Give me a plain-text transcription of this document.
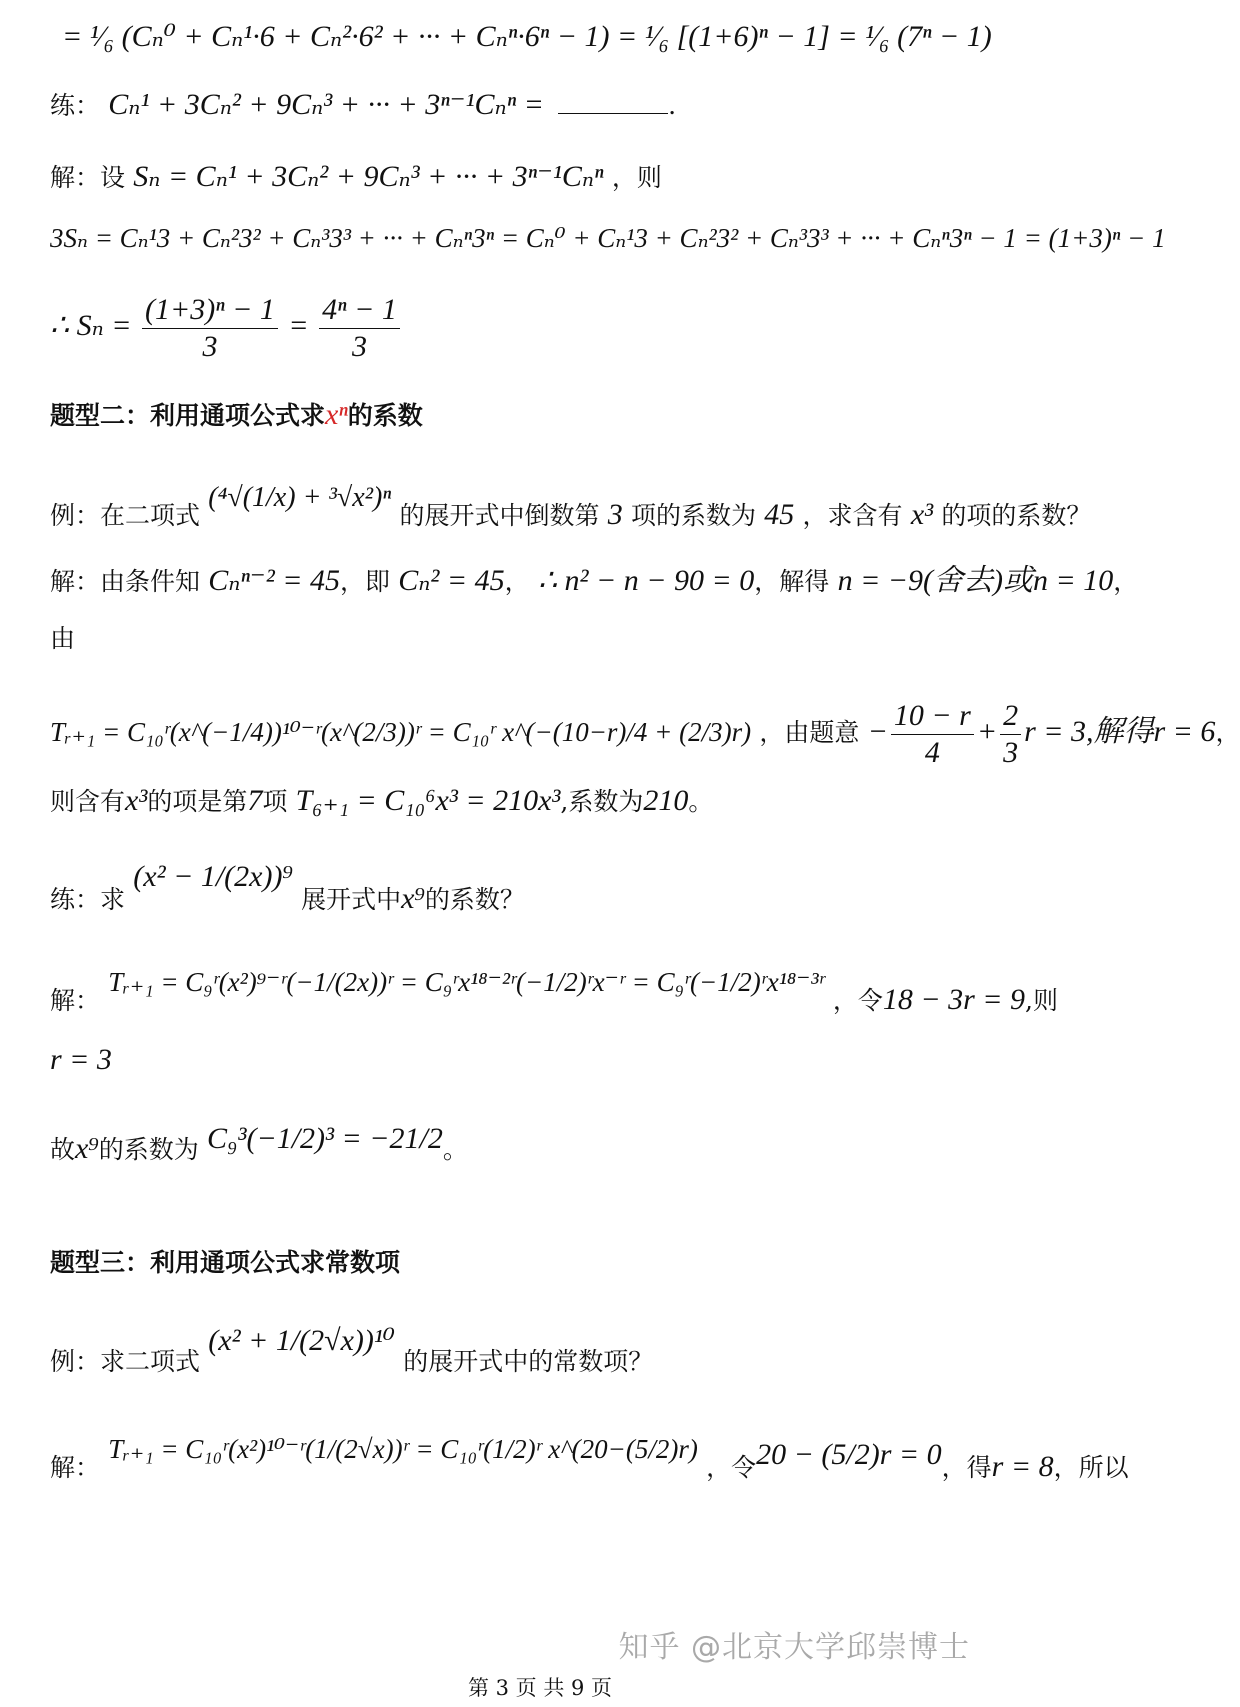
= ¹⁄₆ (Cₙ⁰ + Cₙ¹·6 + Cₙ²·6² + ··· + Cₙⁿ·6ⁿ − 1) = ¹⁄₆ [(1+6)ⁿ − 1] = ¹⁄₆ (7ⁿ − 1)
练： Cₙ¹ + 3Cₙ² + 9Cₙ³ + ··· + 3ⁿ⁻¹Cₙⁿ =	.
解：设 Sₙ = Cₙ¹ + 3Cₙ² + 9Cₙ³ + ··· + 3ⁿ⁻¹Cₙⁿ ，则
3Sₙ = Cₙ¹3 + Cₙ²3² + Cₙ³3³ + ··· + Cₙⁿ3ⁿ = Cₙ⁰ + Cₙ¹3 + Cₙ²3² + Cₙ³3³ + ··· + Cₙⁿ3ⁿ − 1 = (1+3)ⁿ − 1
∴ $S_n = \frac{\text{(1+3)ⁿ − 1}}{3} = \frac{\text{4ⁿ − 1}}{3}$
题型二：利用通项公式求xⁿ的系数
例：在二项式 (⁴√(1/x) + ³√x²)ⁿ 的展开式中倒数第 3 项的系数为 45 ，求含有 x³ 的项的系数？
解：由条件知 Cₙⁿ⁻² = 45，即 Cₙ² = 45， ∴ n² − n − 90 = 0，解得 n = −9(舍去)或n = 10，
由
Tᵣ₊₁ = C₁₀ʳ(x^(−1/4))¹⁰⁻ʳ(x^(2/3))ʳ = C₁₀ʳ x^(−(10−r)/4 + (2/3)r) ，由题意 − $\frac{10 - r}{4} + \frac{2}{3}$ r = 3,解得r = 6，
则含有x³的项是第7项 T₆₊₁ = C₁₀⁶x³ = 210x³,系数为210。
练：求 (x² − 1/(2x))⁹ 展开式中x⁹的系数？
解： Tᵣ₊₁ = C₉ʳ(x²)⁹⁻ʳ(−1/(2x))ʳ = C₉ʳx¹⁸⁻²ʳ(−1/2)ʳx⁻ʳ = C₉ʳ(−1/2)ʳx¹⁸⁻³ʳ ，令18 − 3r = 9,则
r = 3
故x⁹的系数为 C₉³(−1/2)³ = −21/2。
题型三：利用通项公式求常数项
例：求二项式 (x² + 1/(2√x))¹⁰ 的展开式中的常数项？
解： Tᵣ₊₁ = C₁₀ʳ(x²)¹⁰⁻ʳ(1/(2√x))ʳ = C₁₀ʳ(1/2)ʳ x^(20−(5/2)r) ，令20 − (5/2)r = 0，得r = 8，所以
知乎 @北京大学邱崇博士
第 3 页 共 9 页
